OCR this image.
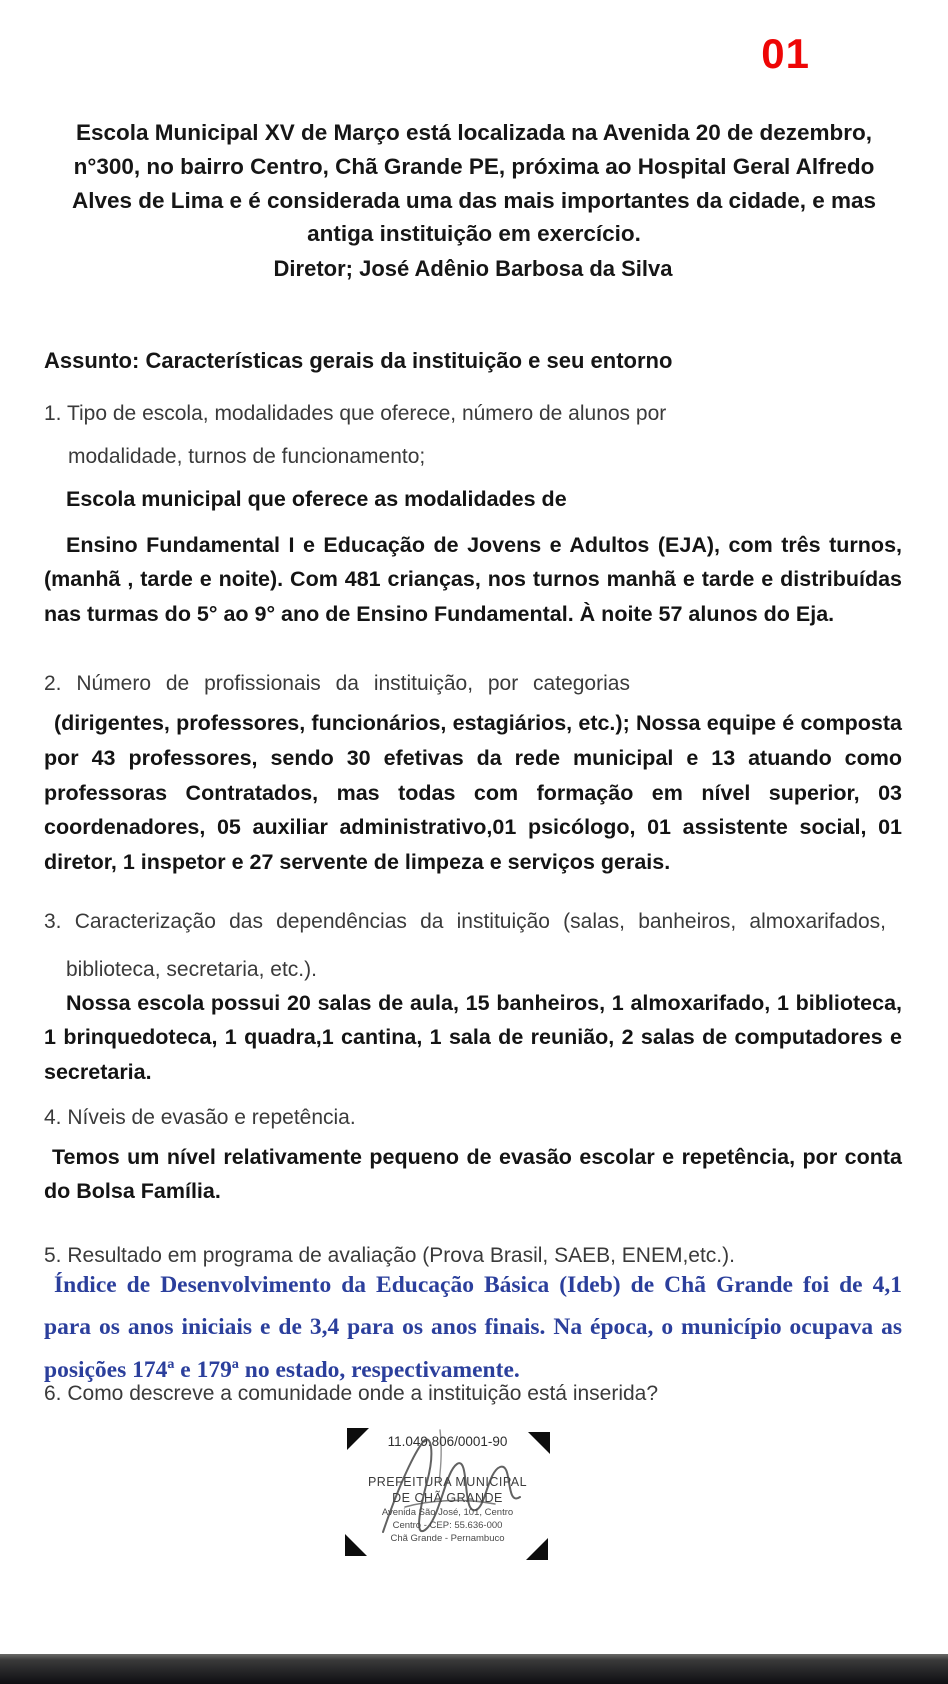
01

Escola Municipal XV de Março está localizada na Avenida 20 de dezembro, n°300, no bairro Centro, Chã Grande PE, próxima ao Hospital Geral Alfredo Alves de Lima e é considerada uma das mais importantes da cidade, e mas antiga instituição em exercício.

Diretor; José Adênio Barbosa da Silva

Assunto: Características gerais da instituição e seu entorno

1. Tipo de escola, modalidades que oferece, número de alunos por modalidade, turnos de funcionamento;

Escola municipal que oferece as modalidades de

Ensino Fundamental I e Educação de Jovens e Adultos (EJA), com três turnos, (manhã , tarde e noite). Com 481 crianças, nos turnos manhã e tarde e distribuídas nas turmas do 5° ao 9° ano de Ensino Fundamental. À noite 57 alunos do Eja.

2. Número de profissionais da instituição, por categorias

(dirigentes, professores, funcionários, estagiários, etc.); Nossa equipe é composta por 43 professores, sendo 30 efetivas da rede municipal e 13 atuando como professoras Contratados, mas todas com formação em nível superior, 03 coordenadores, 05 auxiliar administrativo,01 psicólogo, 01 assistente social, 01 diretor, 1 inspetor e 27 servente de limpeza e serviços gerais.

3. Caracterização das dependências da instituição (salas, banheiros, almoxarifados, biblioteca, secretaria, etc.).

Nossa escola possui 20 salas de aula, 15 banheiros, 1 almoxarifado, 1 biblioteca, 1 brinquedoteca, 1 quadra,1 cantina, 1 sala de reunião, 2 salas de computadores e secretaria.

4. Níveis de evasão e repetência.

Temos um nível relativamente pequeno de evasão escolar e repetência, por conta do Bolsa Família.

5. Resultado em programa de avaliação (Prova Brasil, SAEB, ENEM,etc.).

Índice de Desenvolvimento da Educação Básica (Ideb) de Chã Grande foi de 4,1 para os anos iniciais e de 3,4 para os anos finais. Na época, o município ocupava as posições 174ª e 179ª no estado, respectivamente.

6. Como descreve a comunidade onde a instituição está inserida?

11.049.806/0001-90
PREFEITURA MUNICIPAL
DE CHÃ GRANDE
Avenida São José, 101, Centro
Centro - CEP: 55.636-000
Chã Grande - Pernambuco
